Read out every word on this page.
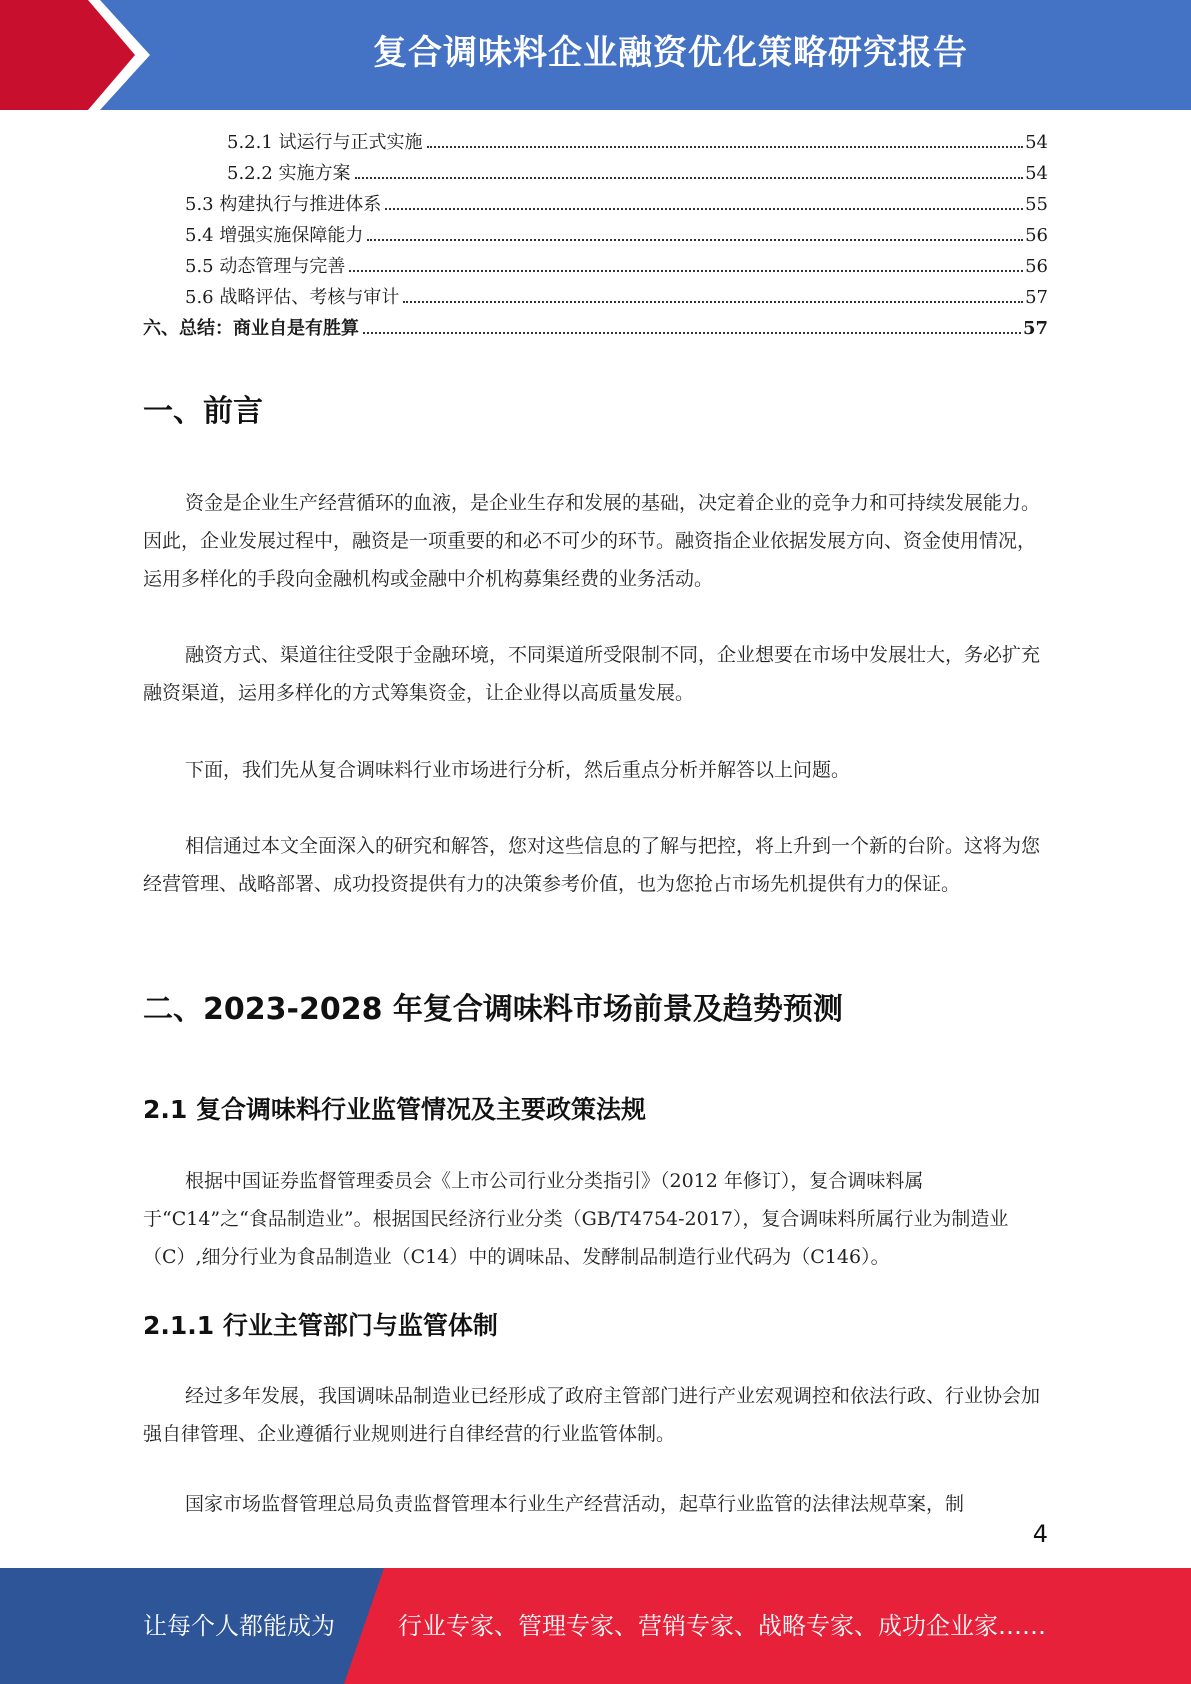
复合调味料企业融资优化策略研究报告
5.2.1 试运行与正式实施	54
5.2.2 实施方案	54
5.3 构建执行与推进体系	55
5.4 增强实施保障能力	56
5.5 动态管理与完善	56
5.6 战略评估、考核与审计	57
六、总结：商业自是有胜算	57
一、前言

资金是企业生产经营循环的血液，是企业生存和发展的基础，决定着企业的竞争力和可持续发展能力。因此，企业发展过程中，融资是一项重要的和必不可少的环节。融资指企业依据发展方向、资金使用情况，运用多样化的手段向金融机构或金融中介机构募集经费的业务活动。

融资方式、渠道往往受限于金融环境，不同渠道所受限制不同，企业想要在市场中发展壮大，务必扩充融资渠道，运用多样化的方式筹集资金，让企业得以高质量发展。

下面，我们先从复合调味料行业市场进行分析，然后重点分析并解答以上问题。

相信通过本文全面深入的研究和解答，您对这些信息的了解与把控，将上升到一个新的台阶。这将为您经营管理、战略部署、成功投资提供有力的决策参考价值，也为您抢占市场先机提供有力的保证。

二、2023-2028 年复合调味料市场前景及趋势预测
2.1 复合调味料行业监管情况及主要政策法规

根据中国证券监督管理委员会《上市公司行业分类指引》（2012 年修订），复合调味料属于“C14”之“食品制造业”。根据国民经济行业分类（GB/T4754-2017），复合调味料所属行业为制造业（C）,细分行业为食品制造业（C14）中的调味品、发酵制品制造行业代码为（C146）。

2.1.1 行业主管部门与监管体制

经过多年发展，我国调味品制造业已经形成了政府主管部门进行产业宏观调控和依法行政、行业协会加强自律管理、企业遵循行业规则进行自律经营的行业监管体制。

国家市场监督管理总局负责监督管理本行业生产经营活动，起草行业监管的法律法规草案，制

4
让每个人都能成为	行业专家、管理专家、营销专家、战略专家、成功企业家……
